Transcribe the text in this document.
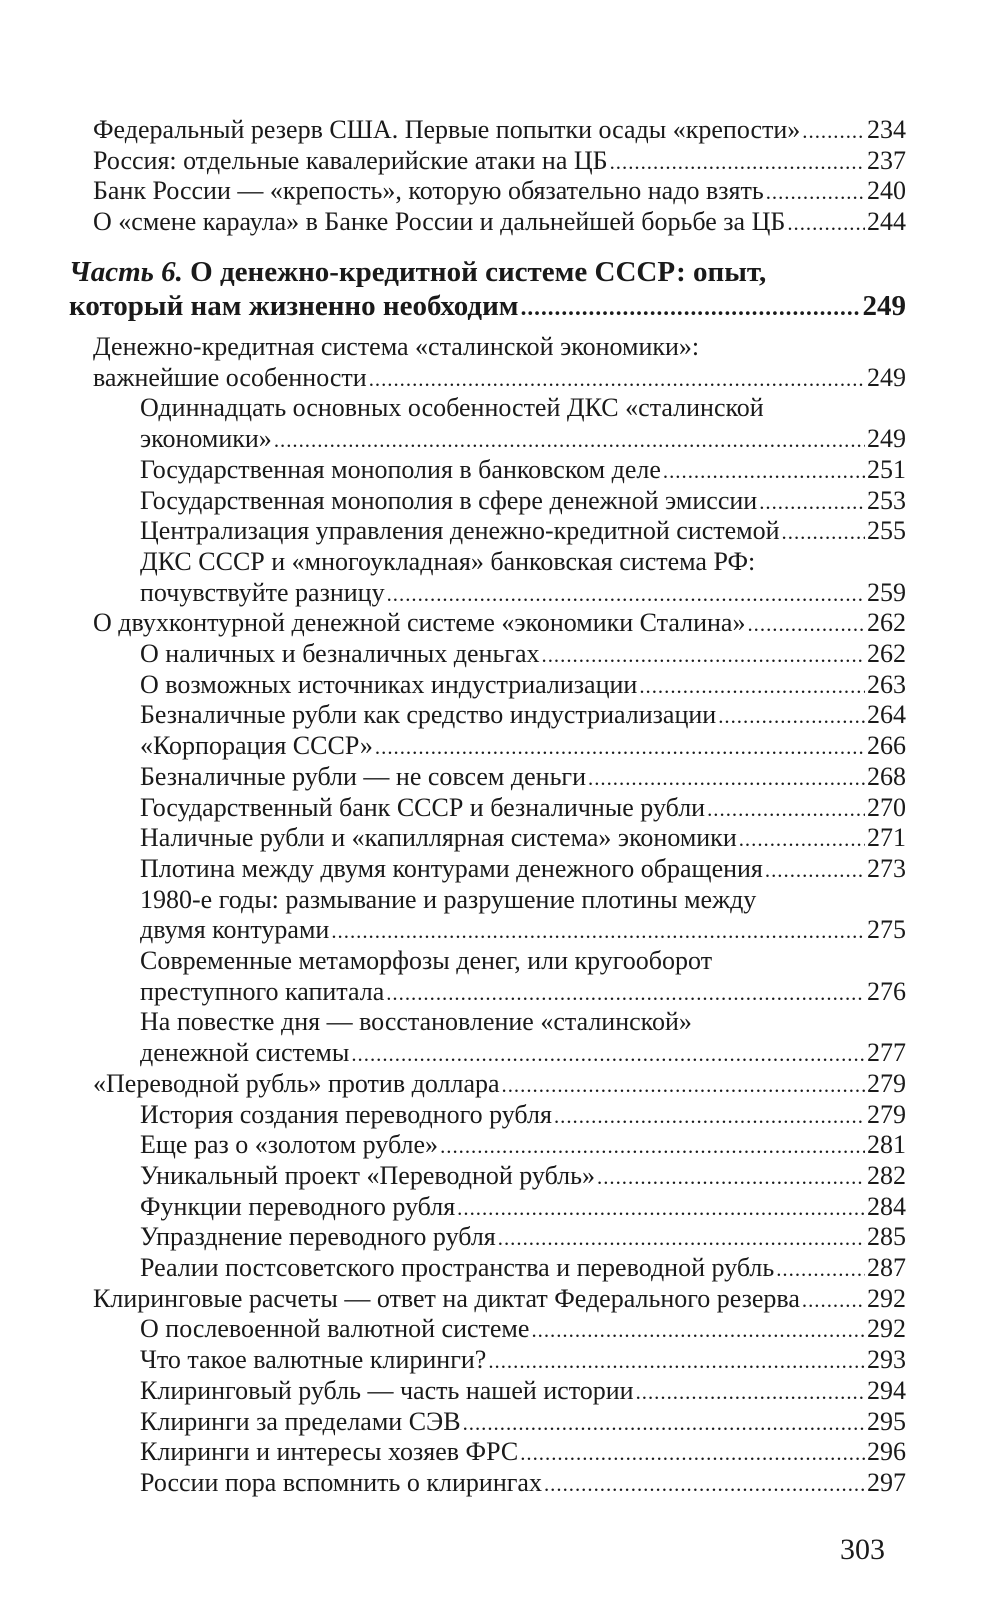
Федеральный резерв США. Первые попытки осады «крепости» .....	234
Россия: отдельные кавалерийские атаки на ЦБ .....	237
Банк России — «крепость», которую обязательно надо взять .....	240
О «смене караула» в Банке России и дальнейшей борьбе за ЦБ .....	244
Часть 6. О денежно-кредитной системе СССР: опыт,
который нам жизненно необходим .....	249
Денежно-кредитная система «сталинской экономики»:
важнейшие особенности .....	249
Одиннадцать основных особенностей ДКС «сталинской
экономики» .....	249
Государственная монополия в банковском деле .....	251
Государственная монополия в сфере денежной эмиссии .....	253
Централизация управления денежно-кредитной системой .....	255
ДКС СССР и «многоукладная» банковская система РФ:
почувствуйте разницу .....	259
О двухконтурной денежной системе «экономики Сталина» .....	262
О наличных и безналичных деньгах .....	262
О возможных источниках индустриализации .....	263
Безналичные рубли как средство индустриализации .....	264
«Корпорация СССР» .....	266
Безналичные рубли — не совсем деньги .....	268
Государственный банк СССР и безналичные рубли .....	270
Наличные рубли и «капиллярная система» экономики .....	271
Плотина между двумя контурами денежного обращения .....	273
1980-е годы: размывание и разрушение плотины между
двумя контурами .....	275
Современные метаморфозы денег, или кругооборот
преступного капитала .....	276
На повестке дня — восстановление «сталинской»
денежной системы .....	277
«Переводной рубль» против доллара .....	279
История создания переводного рубля .....	279
Еще раз о «золотом рубле» .....	281
Уникальный проект «Переводной рубль» .....	282
Функции переводного рубля .....	284
Упразднение переводного рубля .....	285
Реалии постсоветского пространства и переводной рубль .....	287
Клиринговые расчеты — ответ на диктат Федерального резерва .....	292
О послевоенной валютной системе .....	292
Что такое валютные клиринги? .....	293
Клиринговый рубль — часть нашей истории .....	294
Клиринги за пределами СЭВ .....	295
Клиринги и интересы хозяев ФРС .....	296
России пора вспомнить о клирингах .....	297
303
